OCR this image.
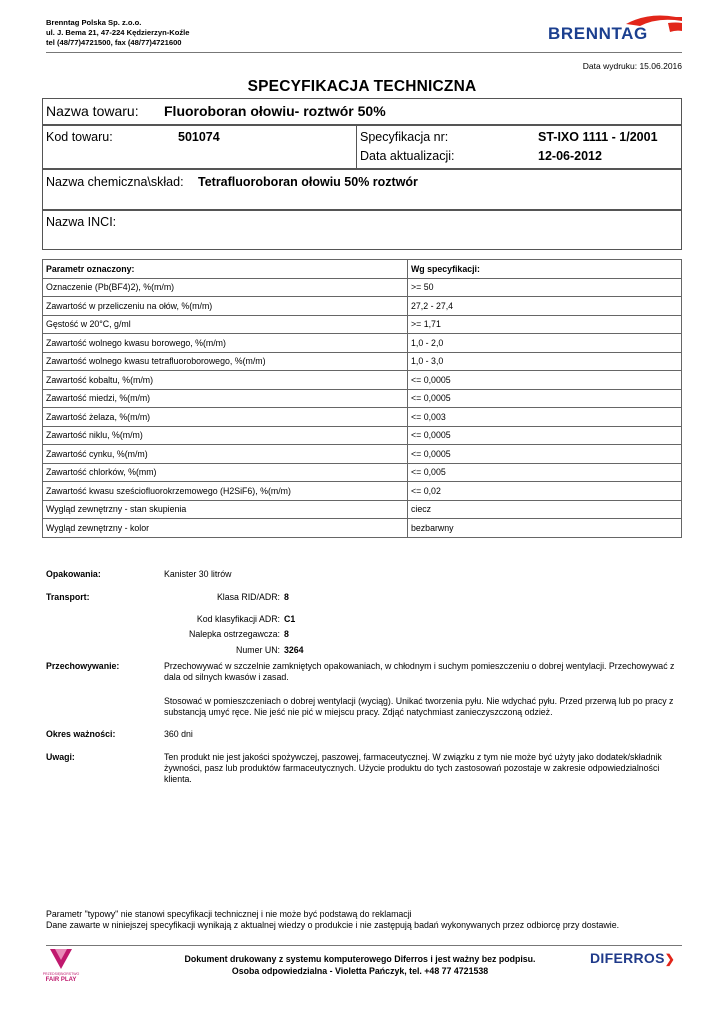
Brenntag Polska Sp. z.o.o.
ul. J. Bema 21, 47-224 Kędzierzyn-Koźle
tel (48/77)4721500, fax (48/77)4721600	BRENNTAG
Data wydruku: 15.06.2016
SPECYFIKACJA TECHNICZNA
Nazwa towaru: Fluoroboran ołowiu- roztwór 50%
Kod towaru:	501074	Specyfikacja nr:	ST-IXO 1111 - 1/2001
Data aktualizacji:	12-06-2012
Nazwa chemiczna\skład: Tetrafluoroboran ołowiu 50% roztwór
Nazwa INCI:
Parametr oznaczony:	Wg specyfikacji:
Oznaczenie (Pb(BF4)2), %(m/m)	>= 50
Zawartość w przeliczeniu na ołów, %(m/m)	27,2 - 27,4
Gęstość w 20°C, g/ml	>= 1,71
Zawartość wolnego kwasu borowego, %(m/m)	1,0 - 2,0
Zawartość wolnego kwasu tetrafluoroborowego, %(m/m)	1,0 - 3,0
Zawartość kobaltu, %(m/m)	<= 0,0005
Zawartość miedzi, %(m/m)	<= 0,0005
Zawartość żelaza, %(m/m)	<= 0,003
Zawartość niklu, %(m/m)	<= 0,0005
Zawartość cynku, %(m/m)	<= 0,0005
Zawartość chlorków, %(mm)	<= 0,005
Zawartość kwasu sześciofluorokrzemowego (H2SiF6), %(m/m)	<= 0,02
Wygląd zewnętrzny - stan skupienia	ciecz
Wygląd zewnętrzny - kolor	bezbarwny
Opakowania:	Kanister 30 litrów
Transport:	Klasa RID/ADR: 8
Kod klasyfikacji ADR: C1
Nalepka ostrzegawcza: 8
Numer UN: 3264
Przechowywanie:	Przechowywać w szczelnie zamkniętych opakowaniach, w chłodnym i suchym pomieszczeniu o dobrej wentylacji. Przechowywać z dala od silnych kwasów i zasad.
Stosować w pomieszczeniach o dobrej wentylacji (wyciąg). Unikać tworzenia pyłu. Nie wdychać pyłu. Przed przerwą lub po pracy z substancją umyć ręce. Nie jeść nie pić w miejscu pracy. Zdjąć natychmiast zanieczyszczoną odzież.
Okres ważności:	360 dni
Uwagi:	Ten produkt nie jest jakości spożywczej, paszowej, farmaceutycznej. W związku z tym nie może być użyty jako dodatek/składnik żywności, pasz lub produktów farmaceutycznych. Użycie produktu do tych zastosowań pozostaje w zakresie odpowiedzialności klienta.
Parametr "typowy" nie stanowi specyfikacji technicznej i nie może być podstawą do reklamacji
Dane zawarte w niniejszej specyfikacji wynikają z aktualnej wiedzy o produkcie i nie zastępują badań wykonywanych przez odbiorcę przy dostawie.
PRZEDSIĘBIORSTWO
FAIR PLAY
Dokument drukowany z systemu komputerowego Diferros i jest ważny bez podpisu.
Osoba odpowiedzialna - Violetta Pańczyk, tel. +48 77 4721538
DIFERROS❯
